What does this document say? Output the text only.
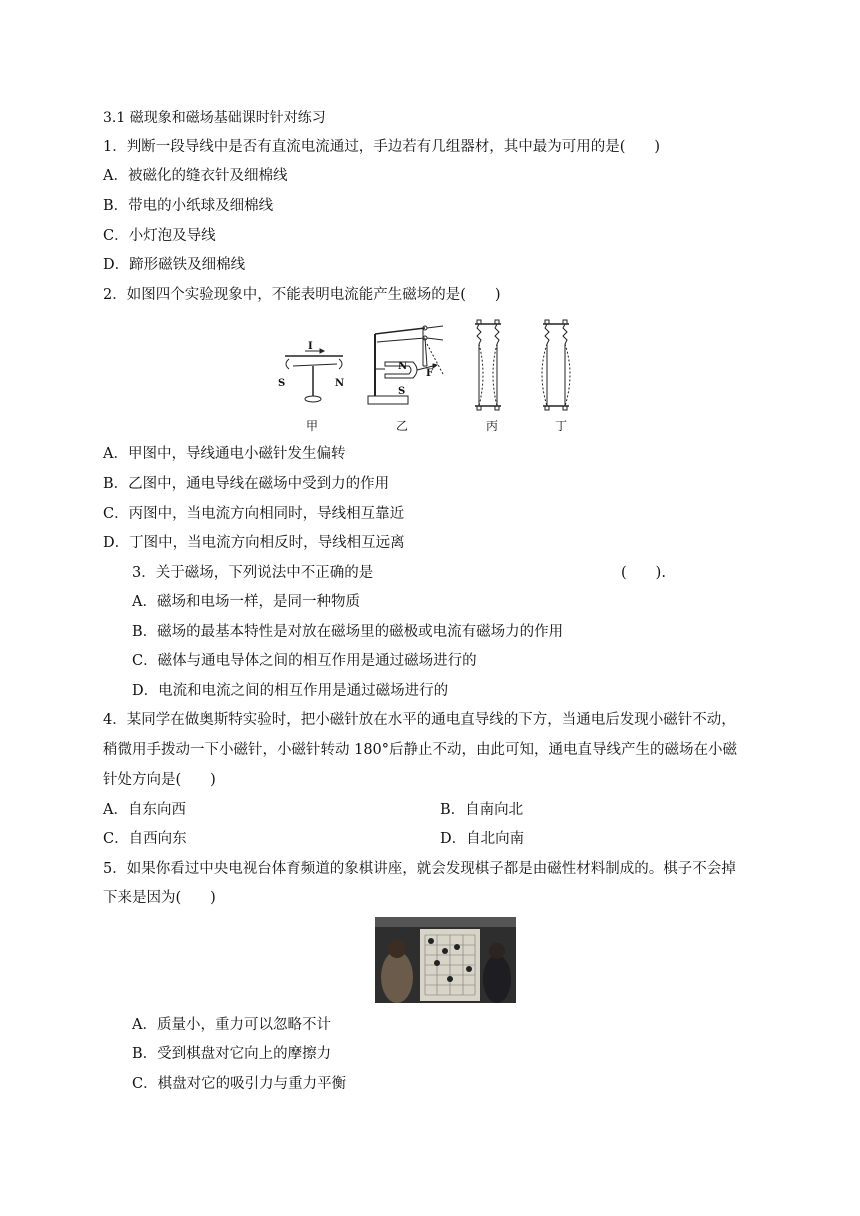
3.1 磁现象和磁场基础课时针对练习
1．判断一段导线中是否有直流电流通过，手边若有几组器材，其中最为可用的是(　　)
A．被磁化的缝衣针及细棉线
B．带电的小纸球及细棉线
C．小灯泡及导线
D．蹄形磁铁及细棉线
2．如图四个实验现象中，不能表明电流能产生磁场的是(　　)
I
S	N
N
S
F
甲	乙	丙	丁
A．甲图中，导线通电小磁针发生偏转
B．乙图中，通电导线在磁场中受到力的作用
C．丙图中，当电流方向相同时，导线相互靠近
D．丁图中，当电流方向相反时，导线相互远离
3．关于磁场，下列说法中不正确的是	(　　).
A．磁场和电场一样，是同一种物质
B．磁场的最基本特性是对放在磁场里的磁极或电流有磁场力的作用
C．磁体与通电导体之间的相互作用是通过磁场进行的
D．电流和电流之间的相互作用是通过磁场进行的
4．某同学在做奥斯特实验时，把小磁针放在水平的通电直导线的下方，当通电后发现小磁针不动，
稍微用手拨动一下小磁针，小磁针转动 180°后静止不动，由此可知，通电直导线产生的磁场在小磁
针处方向是(　　)
A．自东向西	B．自南向北
C．自西向东	D．自北向南
5．如果你看过中央电视台体育频道的象棋讲座，就会发现棋子都是由磁性材料制成的。棋子不会掉
下来是因为(　　)
A．质量小，重力可以忽略不计
B．受到棋盘对它向上的摩擦力
C．棋盘对它的吸引力与重力平衡
